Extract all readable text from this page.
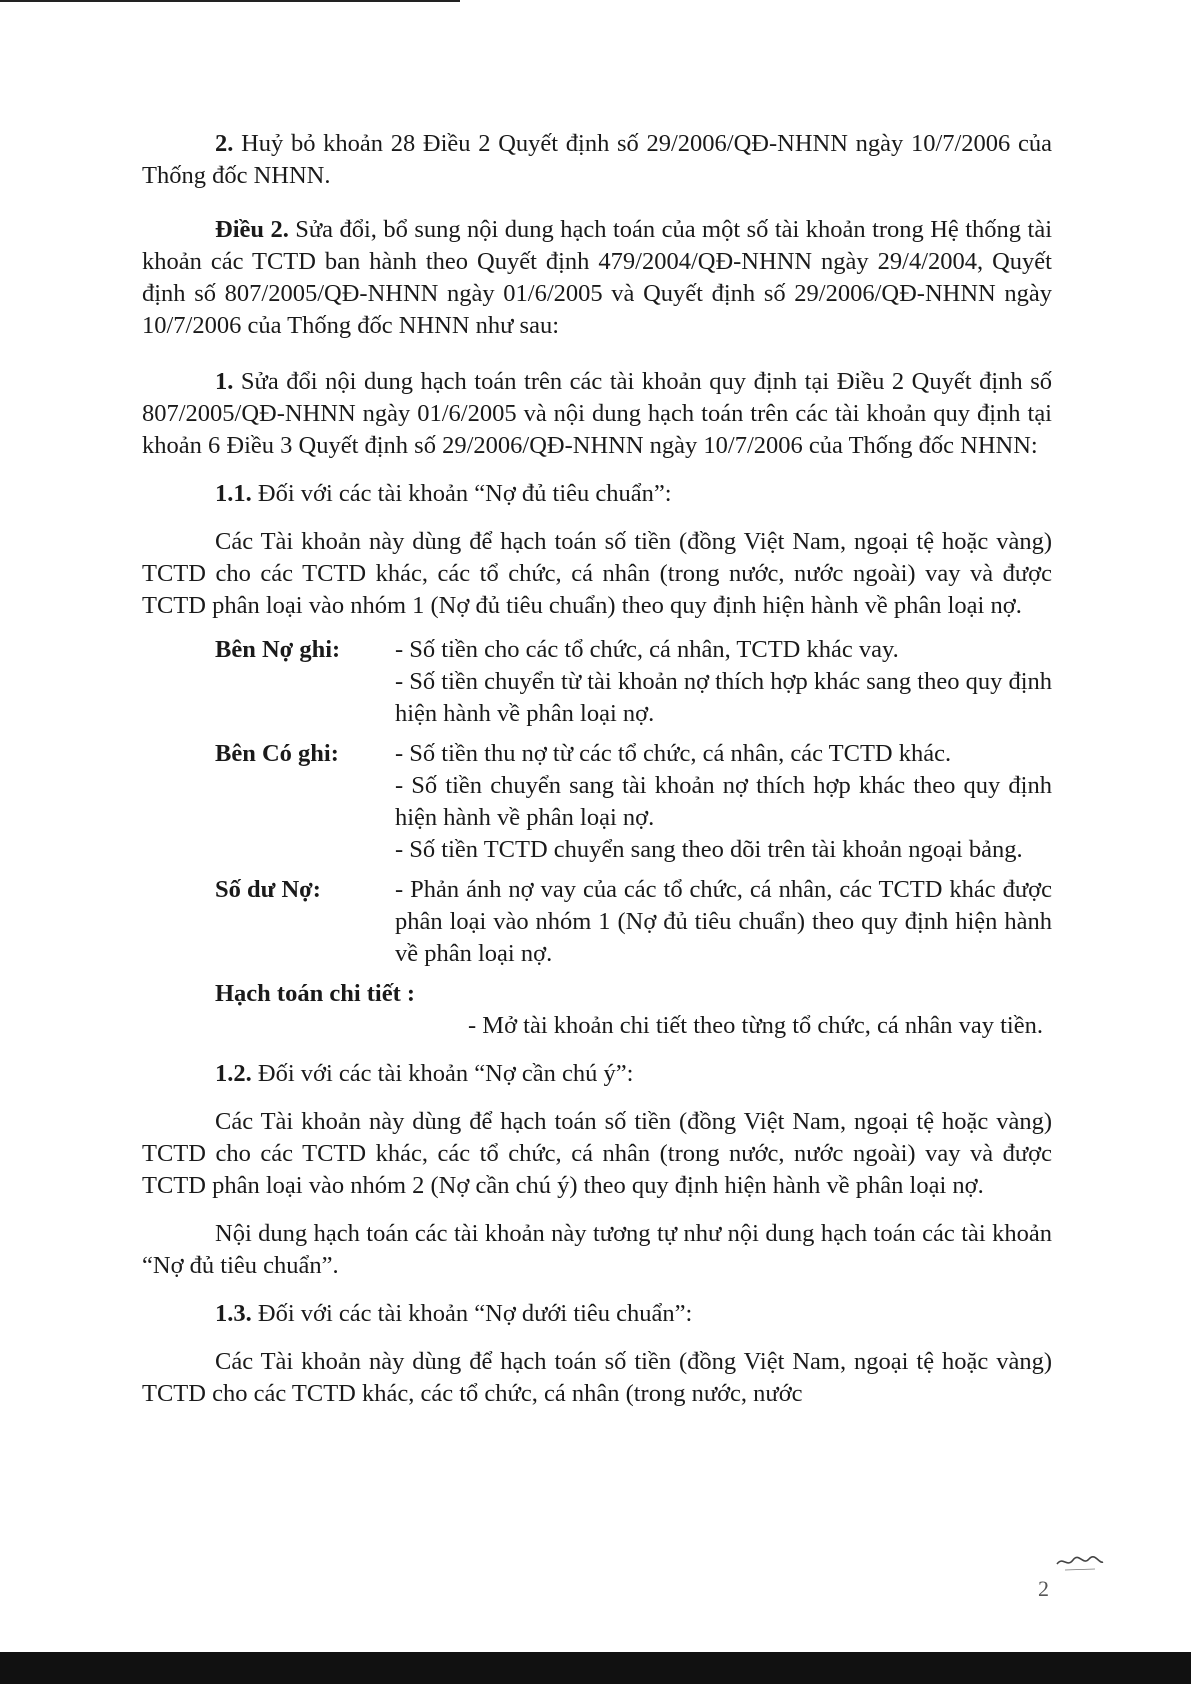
2. Huỷ bỏ khoản 28 Điều 2 Quyết định số 29/2006/QĐ-NHNN ngày 10/7/2006 của Thống đốc NHNN.

Điều 2. Sửa đổi, bổ sung nội dung hạch toán của một số tài khoản trong Hệ thống tài khoản các TCTD ban hành theo Quyết định 479/2004/QĐ-NHNN ngày 29/4/2004, Quyết định số 807/2005/QĐ-NHNN ngày 01/6/2005 và Quyết định số 29/2006/QĐ-NHNN ngày 10/7/2006 của Thống đốc NHNN như sau:

1. Sửa đổi nội dung hạch toán trên các tài khoản quy định tại Điều 2 Quyết định số 807/2005/QĐ-NHNN ngày 01/6/2005 và nội dung hạch toán trên các tài khoản quy định tại khoản 6 Điều 3 Quyết định số 29/2006/QĐ-NHNN ngày 10/7/2006 của Thống đốc NHNN:

1.1. Đối với các tài khoản “Nợ đủ tiêu chuẩn”:

Các Tài khoản này dùng để hạch toán số tiền (đồng Việt Nam, ngoại tệ hoặc vàng) TCTD cho các TCTD khác, các tổ chức, cá nhân (trong nước, nước ngoài) vay và được TCTD phân loại vào nhóm 1 (Nợ đủ tiêu chuẩn) theo quy định hiện hành về phân loại nợ.

Bên Nợ ghi:	- Số tiền cho các tổ chức, cá nhân, TCTD khác vay.
- Số tiền chuyển từ tài khoản nợ thích hợp khác sang theo quy định hiện hành về phân loại nợ.
Bên Có ghi:	- Số tiền thu nợ từ các tổ chức, cá nhân, các TCTD khác.
- Số tiền chuyển sang tài khoản nợ thích hợp khác theo quy định hiện hành về phân loại nợ.
- Số tiền TCTD chuyển sang theo dõi trên tài khoản ngoại bảng.
Số dư Nợ:	- Phản ánh nợ vay của các tổ chức, cá nhân, các TCTD khác được phân loại vào nhóm 1 (Nợ đủ tiêu chuẩn) theo quy định hiện hành về phân loại nợ.
Hạch toán chi tiết :
- Mở tài khoản chi tiết theo từng tổ chức, cá nhân vay tiền.

1.2. Đối với các tài khoản “Nợ cần chú ý”:

Các Tài khoản này dùng để hạch toán số tiền (đồng Việt Nam, ngoại tệ hoặc vàng) TCTD cho các TCTD khác, các tổ chức, cá nhân (trong nước, nước ngoài) vay và được TCTD phân loại vào nhóm 2 (Nợ cần chú ý) theo quy định hiện hành về phân loại nợ.

Nội dung hạch toán các tài khoản này tương tự như nội dung hạch toán các tài khoản “Nợ đủ tiêu chuẩn”.

1.3. Đối với các tài khoản “Nợ dưới tiêu chuẩn”:

Các Tài khoản này dùng để hạch toán số tiền (đồng Việt Nam, ngoại tệ hoặc vàng) TCTD cho các TCTD khác, các tổ chức, cá nhân (trong nước, nước

2
